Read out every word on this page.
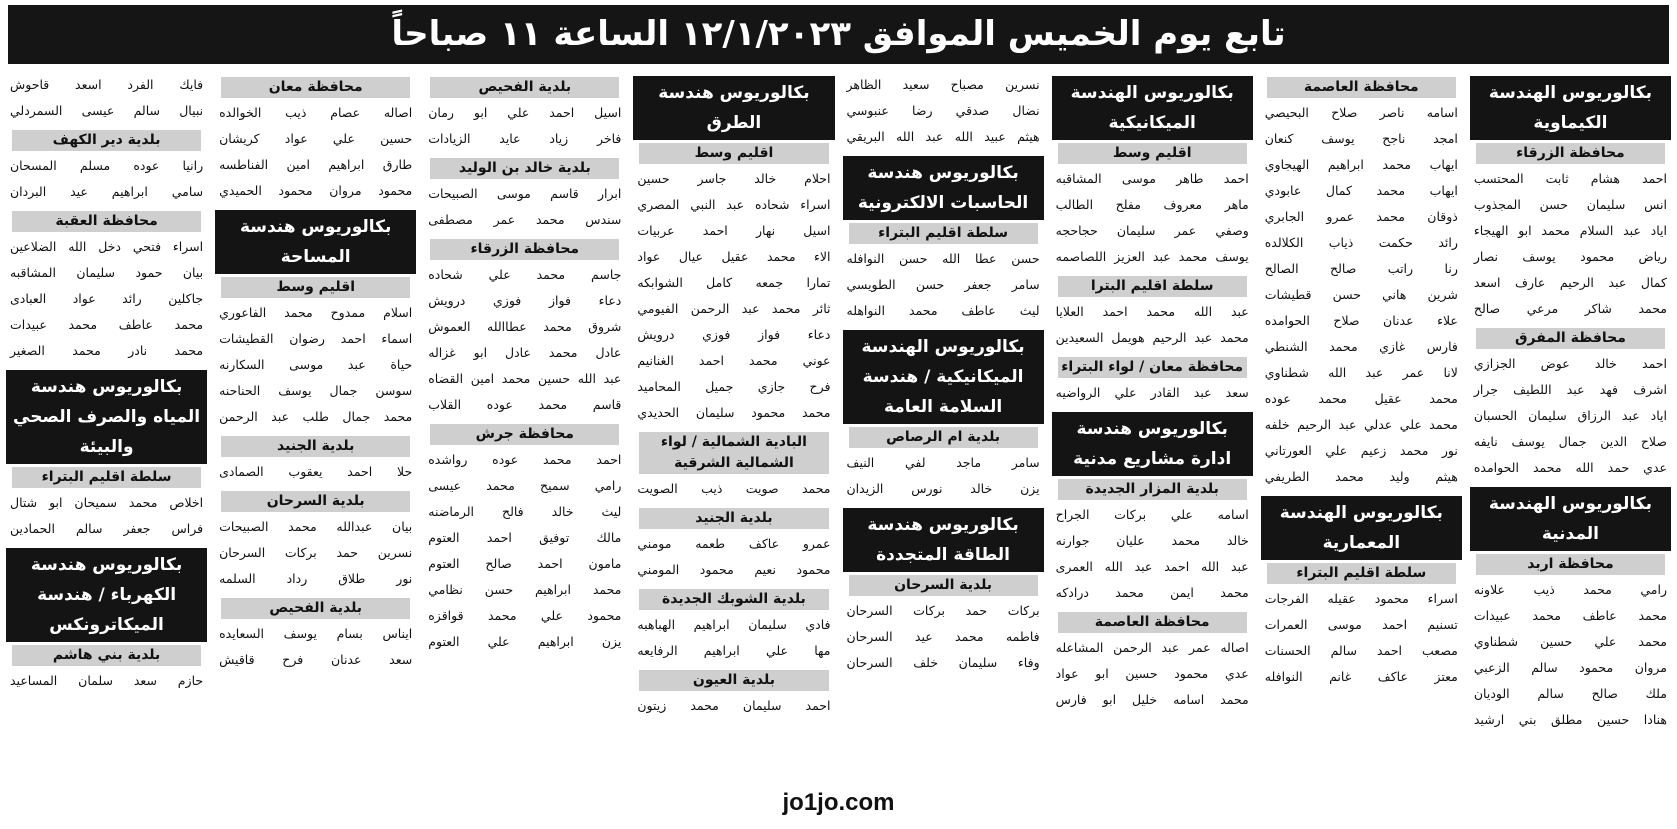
تابع يوم الخميس الموافق ١٢/١/٢٠٢٣ الساعة ١١ صباحاً
بكالوريوس الهندسة الكيماوية
محافظة الزرقاء
احمد هشام ثابت المحتسب
انس سليمان حسن المجذوب
اياد عبد السلام محمد ابو الهيجاء
رياض محمود يوسف نصار
كمال عبد الرحيم عارف اسعد
محمد شاكر مرعي صالح
محافظة المفرق
احمد خالد عوض الجزازي
اشرف فهد عبد اللطيف جرار
اياد عبد الرزاق سليمان الحسبان
صلاح الدين جمال يوسف نايفه
عدي حمد الله محمد الحوامده
بكالوريوس الهندسة المدنية
محافظة اربد
رامي محمد ذيب علاونه
محمد عاطف محمد عبيدات
محمد علي حسين شطناوي
مروان محمود سالم الزعبي
ملك صالح سالم الوديان
هنادا حسين مطلق بني ارشيد
محافظة العاصمة
اسامه ناصر صلاح البحيصي
امجد ناجح يوسف كنعان
ايهاب محمد ابراهيم الهيجاوي
ايهاب محمد كمال عابودي
ذوقان محمد عمرو الجابري
رائد حكمت ذياب الكلالده
رنا راتب صالح الصالح
شرين هاني حسن قطيشات
علاء عدنان صلاح الحوامده
فارس غازي محمد الشنطي
لانا عمر عبد الله شطناوي
محمد عقيل محمد عوده
محمد علي عدلي عبد الرحيم خلفه
نور محمد زعيم علي العورتاني
هيثم وليد محمد الطريفي
بكالوريوس الهندسة المعمارية
سلطة اقليم البتراء
اسراء محمود عقيله الفرجات
تسنيم احمد موسى العمرات
مصعب احمد سالم الحسنات
معتز عاكف غانم النوافله
بكالوريوس الهندسة الميكانيكية
اقليم وسط
احمد طاهر موسى المشاقبه
ماهر معروف مفلح الطالب
وصفي عمر سليمان حجاحجه
يوسف محمد عبد العزيز اللصاصمه
سلطة اقليم البترا
عبد الله محمد احمد العلايا
محمد عبد الرحيم هويمل السعيدين
محافظة معان / لواء البتراء
سعد عبد القادر علي الرواضيه
بكالوريوس هندسة ادارة مشاريع مدنية
بلدية المزار الجديدة
اسامه علي بركات الجراح
خالد محمد عليان جوارنه
عبد الله احمد عبد الله العمرى
محمد ايمن محمد درادكه
محافظة العاصمة
اصاله عمر عبد الرحمن المشاعله
عدي محمود حسين ابو عواد
محمد اسامه خليل ابو فارس
نسرين مصباح سعيد الظاهر
نضال صدقي رضا عنبوسي
هيثم عبيد الله عبد الله البريقي
بكالوريوس هندسة الحاسبات الالكترونية
سلطة اقليم البتراء
حسن عطا الله حسن النوافله
سامر جعفر حسن الطويسي
ليث عاطف محمد النواهله
بكالوريوس الهندسة الميكانيكية / هندسة السلامة العامة
بلدية ام الرصاص
سامر ماجد لفي النيف
يزن خالد نورس الزيدان
بكالوريوس هندسة الطاقة المتجددة
بلدية السرحان
بركات حمد بركات السرحان
فاطمه محمد عيد السرحان
وفاء سليمان خلف السرحان
بكالوريوس هندسة الطرق
اقليم وسط
احلام خالد جاسر حسين
اسراء شحاده عبد النبي المصري
اسيل نهار احمد عربيات
الاء محمد عقيل عيال عواد
تمارا جمعه كامل الشوابكه
ثائر محمد عبد الرحمن الفيومي
دعاء فواز فوزي درويش
عوني محمد احمد الغنانيم
فرح جازي جميل المحاميد
محمد محمود سليمان الحديدي
البادية الشمالية / لواء الشمالية الشرقية
محمد صويت ذيب الصويت
بلدية الجنيد
عمرو عاكف طعمه مومني
محمود نعيم محمود المومني
بلدية الشوبك الجديدة
فادي سليمان ابراهيم الهباهبه
مها علي ابراهيم الرفايعه
بلدية العيون
احمد سليمان محمد زيتون
بلدية الفحيص
اسيل احمد علي ابو رمان
فاخر زياد عايد الزيادات
بلدية خالد بن الوليد
ابرار قاسم موسى الصبيحات
سندس محمد عمر مصطفى
محافظة الزرقاء
جاسم محمد علي شحاده
دعاء فواز فوزي درويش
شروق محمد عطاالله العموش
عادل محمد عادل ابو غزاله
عبد الله حسين محمد امين القضاه
قاسم محمد عوده القلاب
محافظة جرش
احمد محمد عوده رواشده
رامي سميح محمد عيسى
ليث خالد فالح الرماضنه
مالك توفيق احمد العتوم
مامون احمد صالح العتوم
محمد ابراهيم حسن نظامي
محمود علي محمد قواقزه
يزن ابراهيم علي العتوم
محافظة معان
اصاله عصام ذيب الخوالده
حسين علي عواد كريشان
طارق ابراهيم امين الفناطسه
محمود مروان محمود الحميدي
بكالوريوس هندسة المساحة
اقليم وسط
اسلام ممدوح محمد الفاعوري
اسماء احمد رضوان القطيشات
حياة عبد موسى السكارنه
سوسن جمال يوسف الحناحنه
محمد جمال طلب عبد الرحمن
بلدية الجنيد
حلا احمد يعقوب الصمادى
بلدية السرحان
بيان عبدالله محمد الصبيحات
نسرين حمد بركات السرحان
نور طلاق رداد السلمه
بلدية الفحيص
ايناس بسام يوسف السعايده
سعد عدنان فرح قاقيش
فايك الفرد اسعد قاحوش
نبيال سالم عيسى السمردلي
بلدية دير الكهف
رانيا عوده مسلم المسحان
سامي ابراهيم عيد البردان
محافظة العقبة
اسراء فتحي دخل الله الضلاعين
بيان حمود سليمان المشاقبه
جاكلين رائد عواد العبادى
محمد عاطف محمد عبيدات
محمد نادر محمد الصغير
بكالوريوس هندسة المياه والصرف الصحي والبيئة
سلطة اقليم البتراء
اخلاص محمد سميحان ابو شتال
فراس جعفر سالم الحمادين
بكالوريوس هندسة الكهرباء / هندسة الميكاترونكس
بلدية بني هاشم
حازم سعد سلمان المساعيد
jo1jo.com
